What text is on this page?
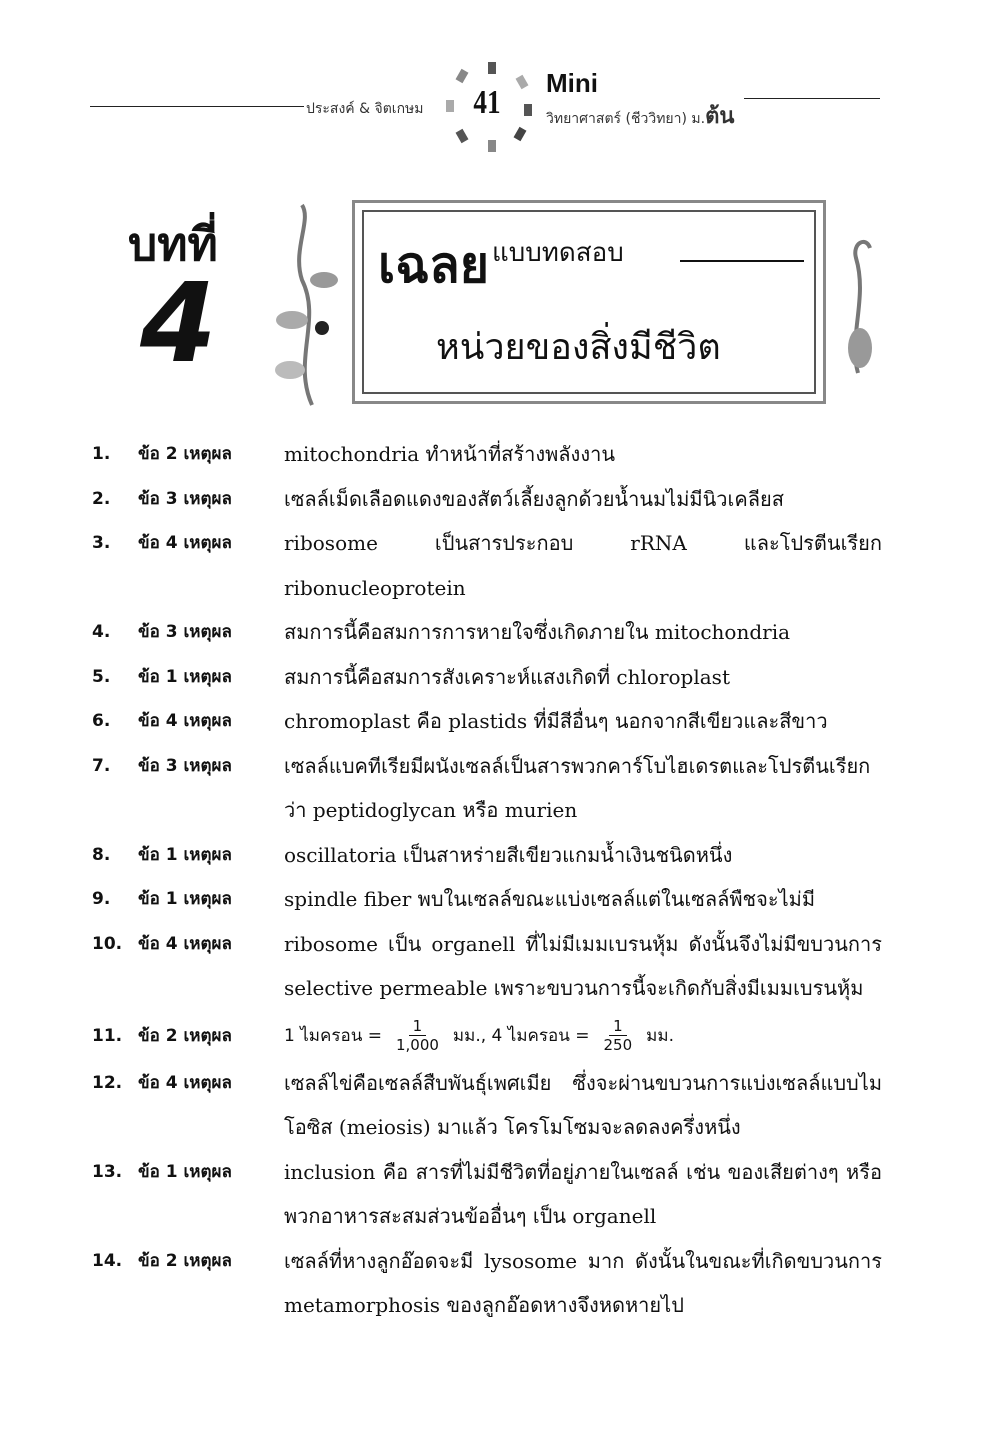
ประสงค์ & จิตเกษม 41
Mini
วิทยาศาสตร์ (ชีววิทยา) ม.ต้น
บทที่
4	เฉลย แบบทดสอบ
หน่วยของสิ่งมีชีวิต
1.	ข้อ 2 เหตุผล	mitochondria ทำหน้าที่สร้างพลังงาน
2.	ข้อ 3 เหตุผล	เซลล์เม็ดเลือดแดงของสัตว์เลี้ยงลูกด้วยน้ำนมไม่มีนิวเคลียส
3.	ข้อ 4 เหตุผล	ribosome เป็นสารประกอบ rRNA และโปรตีนเรียก ribonucleoprotein
4.	ข้อ 3 เหตุผล	สมการนี้คือสมการการหายใจซึ่งเกิดภายใน mitochondria
5.	ข้อ 1 เหตุผล	สมการนี้คือสมการสังเคราะห์แสงเกิดที่ chloroplast
6.	ข้อ 4 เหตุผล	chromoplast คือ plastids ที่มีสีอื่นๆ นอกจากสีเขียวและสีขาว
7.	ข้อ 3 เหตุผล	เซลล์แบคทีเรียมีผนังเซลล์เป็นสารพวกคาร์โบไฮเดรตและโปรตีนเรียกว่า peptidoglycan หรือ murien
8.	ข้อ 1 เหตุผล	oscillatoria เป็นสาหร่ายสีเขียวแกมน้ำเงินชนิดหนึ่ง
9.	ข้อ 1 เหตุผล	spindle fiber พบในเซลล์ขณะแบ่งเซลล์แต่ในเซลล์พืชจะไม่มี
10. ข้อ 4 เหตุผล	ribosome เป็น organell ที่ไม่มีเมมเบรนหุ้ม ดังนั้นจึงไม่มีขบวนการ selective permeable เพราะขบวนการนี้จะเกิดกับสิ่งมีเมมเบรนหุ้ม
11. ข้อ 2 เหตุผล	1 ไมครอน = $\frac{1}{1,000}$ มม., 4 ไมครอน = $\frac{1}{250}$ มม.
12. ข้อ 4 เหตุผล	เซลล์ไข่คือเซลล์สืบพันธุ์เพศเมีย ซึ่งจะผ่านขบวนการแบ่งเซลล์แบบไมโอซิส (meiosis) มาแล้ว โครโมโซมจะลดลงครึ่งหนึ่ง
13. ข้อ 1 เหตุผล	inclusion คือ สารที่ไม่มีชีวิตที่อยู่ภายในเซลล์ เช่น ของเสียต่างๆ หรือพวกอาหารสะสมส่วนข้ออื่นๆ เป็น organell
14. ข้อ 2 เหตุผล	เซลล์ที่หางลูกอ๊อดจะมี lysosome มาก ดังนั้นในขณะที่เกิดขบวนการ metamorphosis ของลูกอ๊อดหางจึงหดหายไป
